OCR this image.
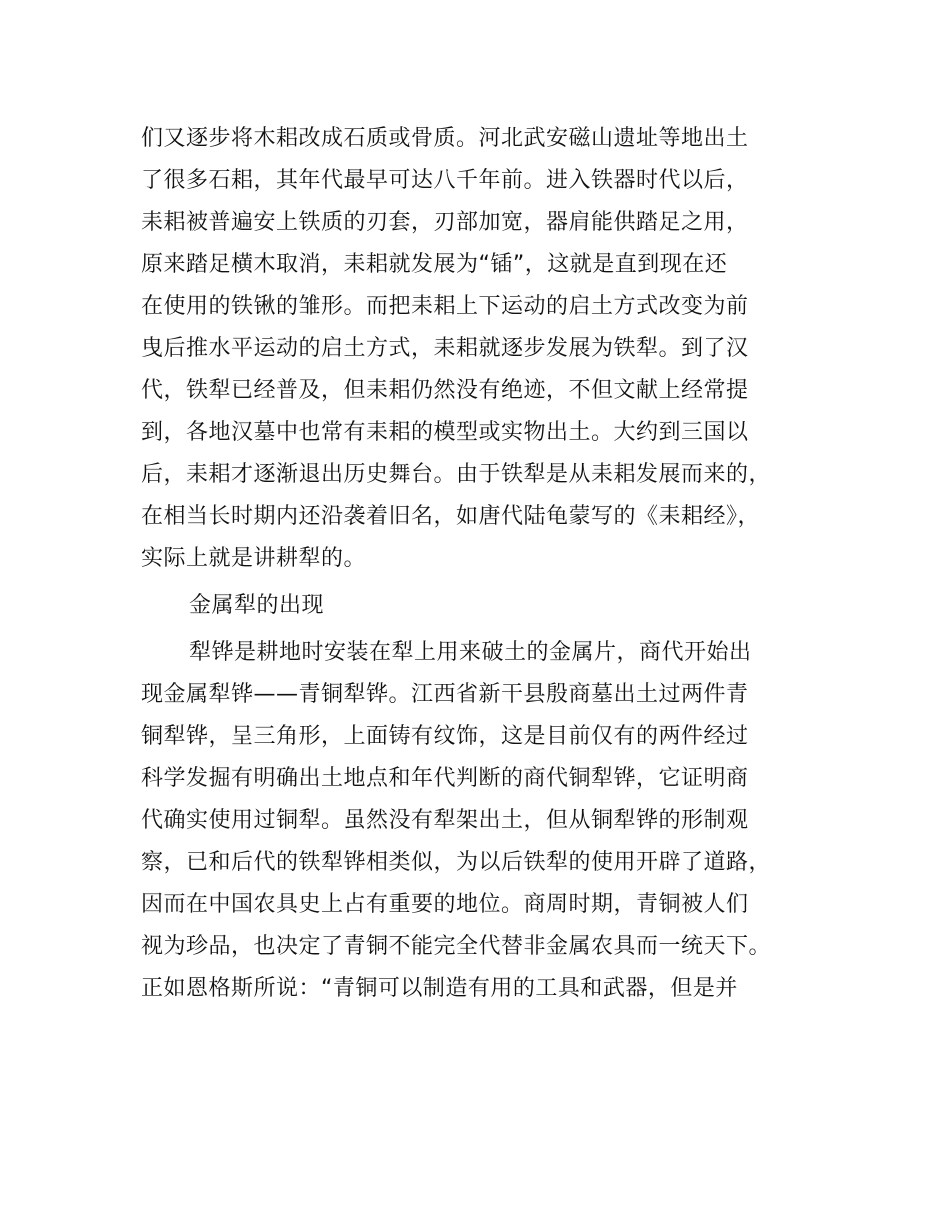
们又逐步将木耜改成石质或骨质。河北武安磁山遗址等地出土
了很多石耜，其年代最早可达八千年前。进入铁器时代以后，
耒耜被普遍安上铁质的刃套，刃部加宽，器肩能供踏足之用，
原来踏足横木取消，耒耜就发展为“锸”，这就是直到现在还
在使用的铁锹的雏形。而把耒耜上下运动的启土方式改变为前
曳后推水平运动的启土方式，耒耜就逐步发展为铁犁。到了汉
代，铁犁已经普及，但耒耜仍然没有绝迹，不但文献上经常提
到，各地汉墓中也常有耒耜的模型或实物出土。大约到三国以
后，耒耜才逐渐退出历史舞台。由于铁犁是从耒耜发展而来的，
在相当长时期内还沿袭着旧名，如唐代陆龟蒙写的《耒耜经》，
实际上就是讲耕犁的。
金属犁的出现
犁铧是耕地时安装在犁上用来破土的金属片，商代开始出
现金属犁铧——青铜犁铧。江西省新干县殷商墓出土过两件青
铜犁铧，呈三角形，上面铸有纹饰，这是目前仅有的两件经过
科学发掘有明确出土地点和年代判断的商代铜犁铧，它证明商
代确实使用过铜犁。虽然没有犁架出土，但从铜犁铧的形制观
察，已和后代的铁犁铧相类似，为以后铁犁的使用开辟了道路，
因而在中国农具史上占有重要的地位。商周时期，青铜被人们
视为珍品，也决定了青铜不能完全代替非金属农具而一统天下。
正如恩格斯所说：“青铜可以制造有用的工具和武器，但是并
